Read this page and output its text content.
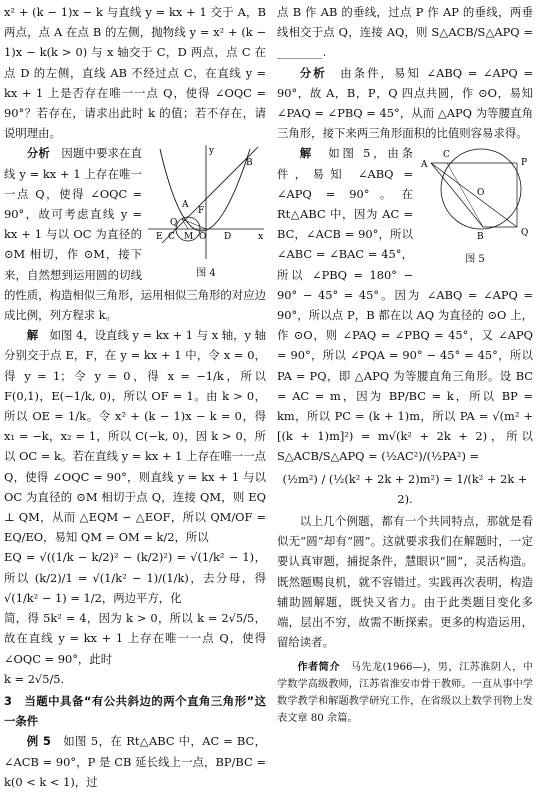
x² + (k − 1)x − k 与直线 y = kx + 1 交于 A，B 两点，点 A 在点 B 的左侧，抛物线 y = x² + (k − 1)x − k(k > 0) 与 x 轴交于 C，D 两点，点 C 在点 D 的左侧，直线 AB 不经过点 C，在直线 y = kx + 1 上是否存在唯一一点 Q，使得 ∠OQC = 90°？若存在，请求出此时 k 的值；若不存在，请说明理由。

Q
E C M O D	x
y
F
A
B
图 4

分析　 因题中要求在直线 y = kx + 1 上存在唯一一点 Q，使得 ∠OQC = 90°，故可考虑直线 y = kx + 1 与以 OC 为直径的 ⊙M 相切，作 ⊙M，接下来，自然想到运用圆的切线的性质，构造相似三角形，运用相似三角形的对应边成比例，列方程求 k。

解　 如图 4，设直线 y = kx + 1 与 x 轴，y 轴分别交于点 E，F，在 y = kx + 1 中，令 x = 0，得 y = 1；令 y = 0，得 x = −1/k，所以 F(0,1)，E(−1/k, 0)，所以 OF = 1。由 k > 0，所以 OE = 1/k。令 x² + (k − 1)x − k = 0，得 x₁ = −k，x₂ = 1，所以 C(−k, 0)，因 k > 0，所以 OC = k。若在直线 y = kx + 1 上存在唯一一点 Q，使得 ∠OQC = 90°，则直线 y = kx + 1 与以 OC 为直径的 ⊙M 相切于点 Q，连接 QM，则 EQ ⊥ QM，从而 △EQM ∽ △EOF，所以 QM/OF = EQ/EO，易知 QM = OM = k/2，所以

EQ = √((1/k − k/2)² − (k/2)²) = √(1/k² − 1)，所以 (k/2)/1 = √(1/k² − 1)/(1/k)，去分母，得 √(1/k² − 1) = 1/2，两边平方，化

简，得 5k² = 4，因为 k > 0，所以 k = 2√5/5，故在直线 y = kx + 1 上存在唯一一点 Q，使得 ∠OQC = 90°，此时

k = 2√5/5.

3　当题中具备“有公共斜边的两个直角三角形”这一条件

例 5　 如图 5，在 Rt△ABC 中，AC = BC，∠ACB = 90°，P 是 CB 延长线上一点，BP/BC = k(0 < k < 1)，过

点 B 作 AB 的垂线，过点 P 作 AP 的垂线，两垂线相交于点 Q，连接 AQ，则 S△ACB/S△APQ = ________.

分析　 由条件，易知 ∠ABQ = ∠APQ = 90°，故 A，B，P，Q 四点共圆，作 ⊙O，易知 ∠PAQ = ∠PBQ = 45°，从而 △APQ 为等腰直角三角形，接下来两三角形面积的比值则容易求得。

A
C
B
O
P
Q
图 5

解　 如图 5，由条件，易知 ∠ABQ = ∠APQ = 90°。在 Rt△ABC 中，因为 AC = BC，∠ACB = 90°，所以 ∠ABC = ∠BAC = 45°，所以 ∠PBQ = 180° − 90° − 45° = 45°。因为 ∠ABQ = ∠APQ = 90°，所以点 P，B 都在以 AQ 为直径的 ⊙O 上，作 ⊙O，则 ∠PAQ = ∠PBQ = 45°，又 ∠APQ = 90°，所以 ∠PQA = 90° − 45° = 45°，所以 PA = PQ，即 △APQ 为等腰直角三角形。设 BC = AC = m，因为 BP/BC = k，所以 BP = km，所以 PC = (k + 1)m，所以 PA = √(m² + [(k + 1)m]²) = m√(k² + 2k + 2)，所以 S△ACB/S△APQ = (½AC²)/(½PA²) =

(½m²) / (½(k² + 2k + 2)m²) = 1/(k² + 2k + 2).

以上几个例题，都有一个共同特点，那就是看似无“圆”却有“圆”。这就要求我们在解题时，一定要认真审题，捕捉条件，慧眼识“圆”，灵活构造。既然题赐良机，就不容错过。实践再次表明，构造辅助圆解题，既快又省力。由于此类题目变化多端，层出不穷，故需不断探索。更多的构造运用，留给读者。

作者简介　 马先龙(1966—)，男，江苏淮阴人，中学数学高级教师，江苏省淮安市骨干教师。一直从事中学数学教学和解题教学研究工作，在省级以上数学刊物上发表文章 80 余篇。
